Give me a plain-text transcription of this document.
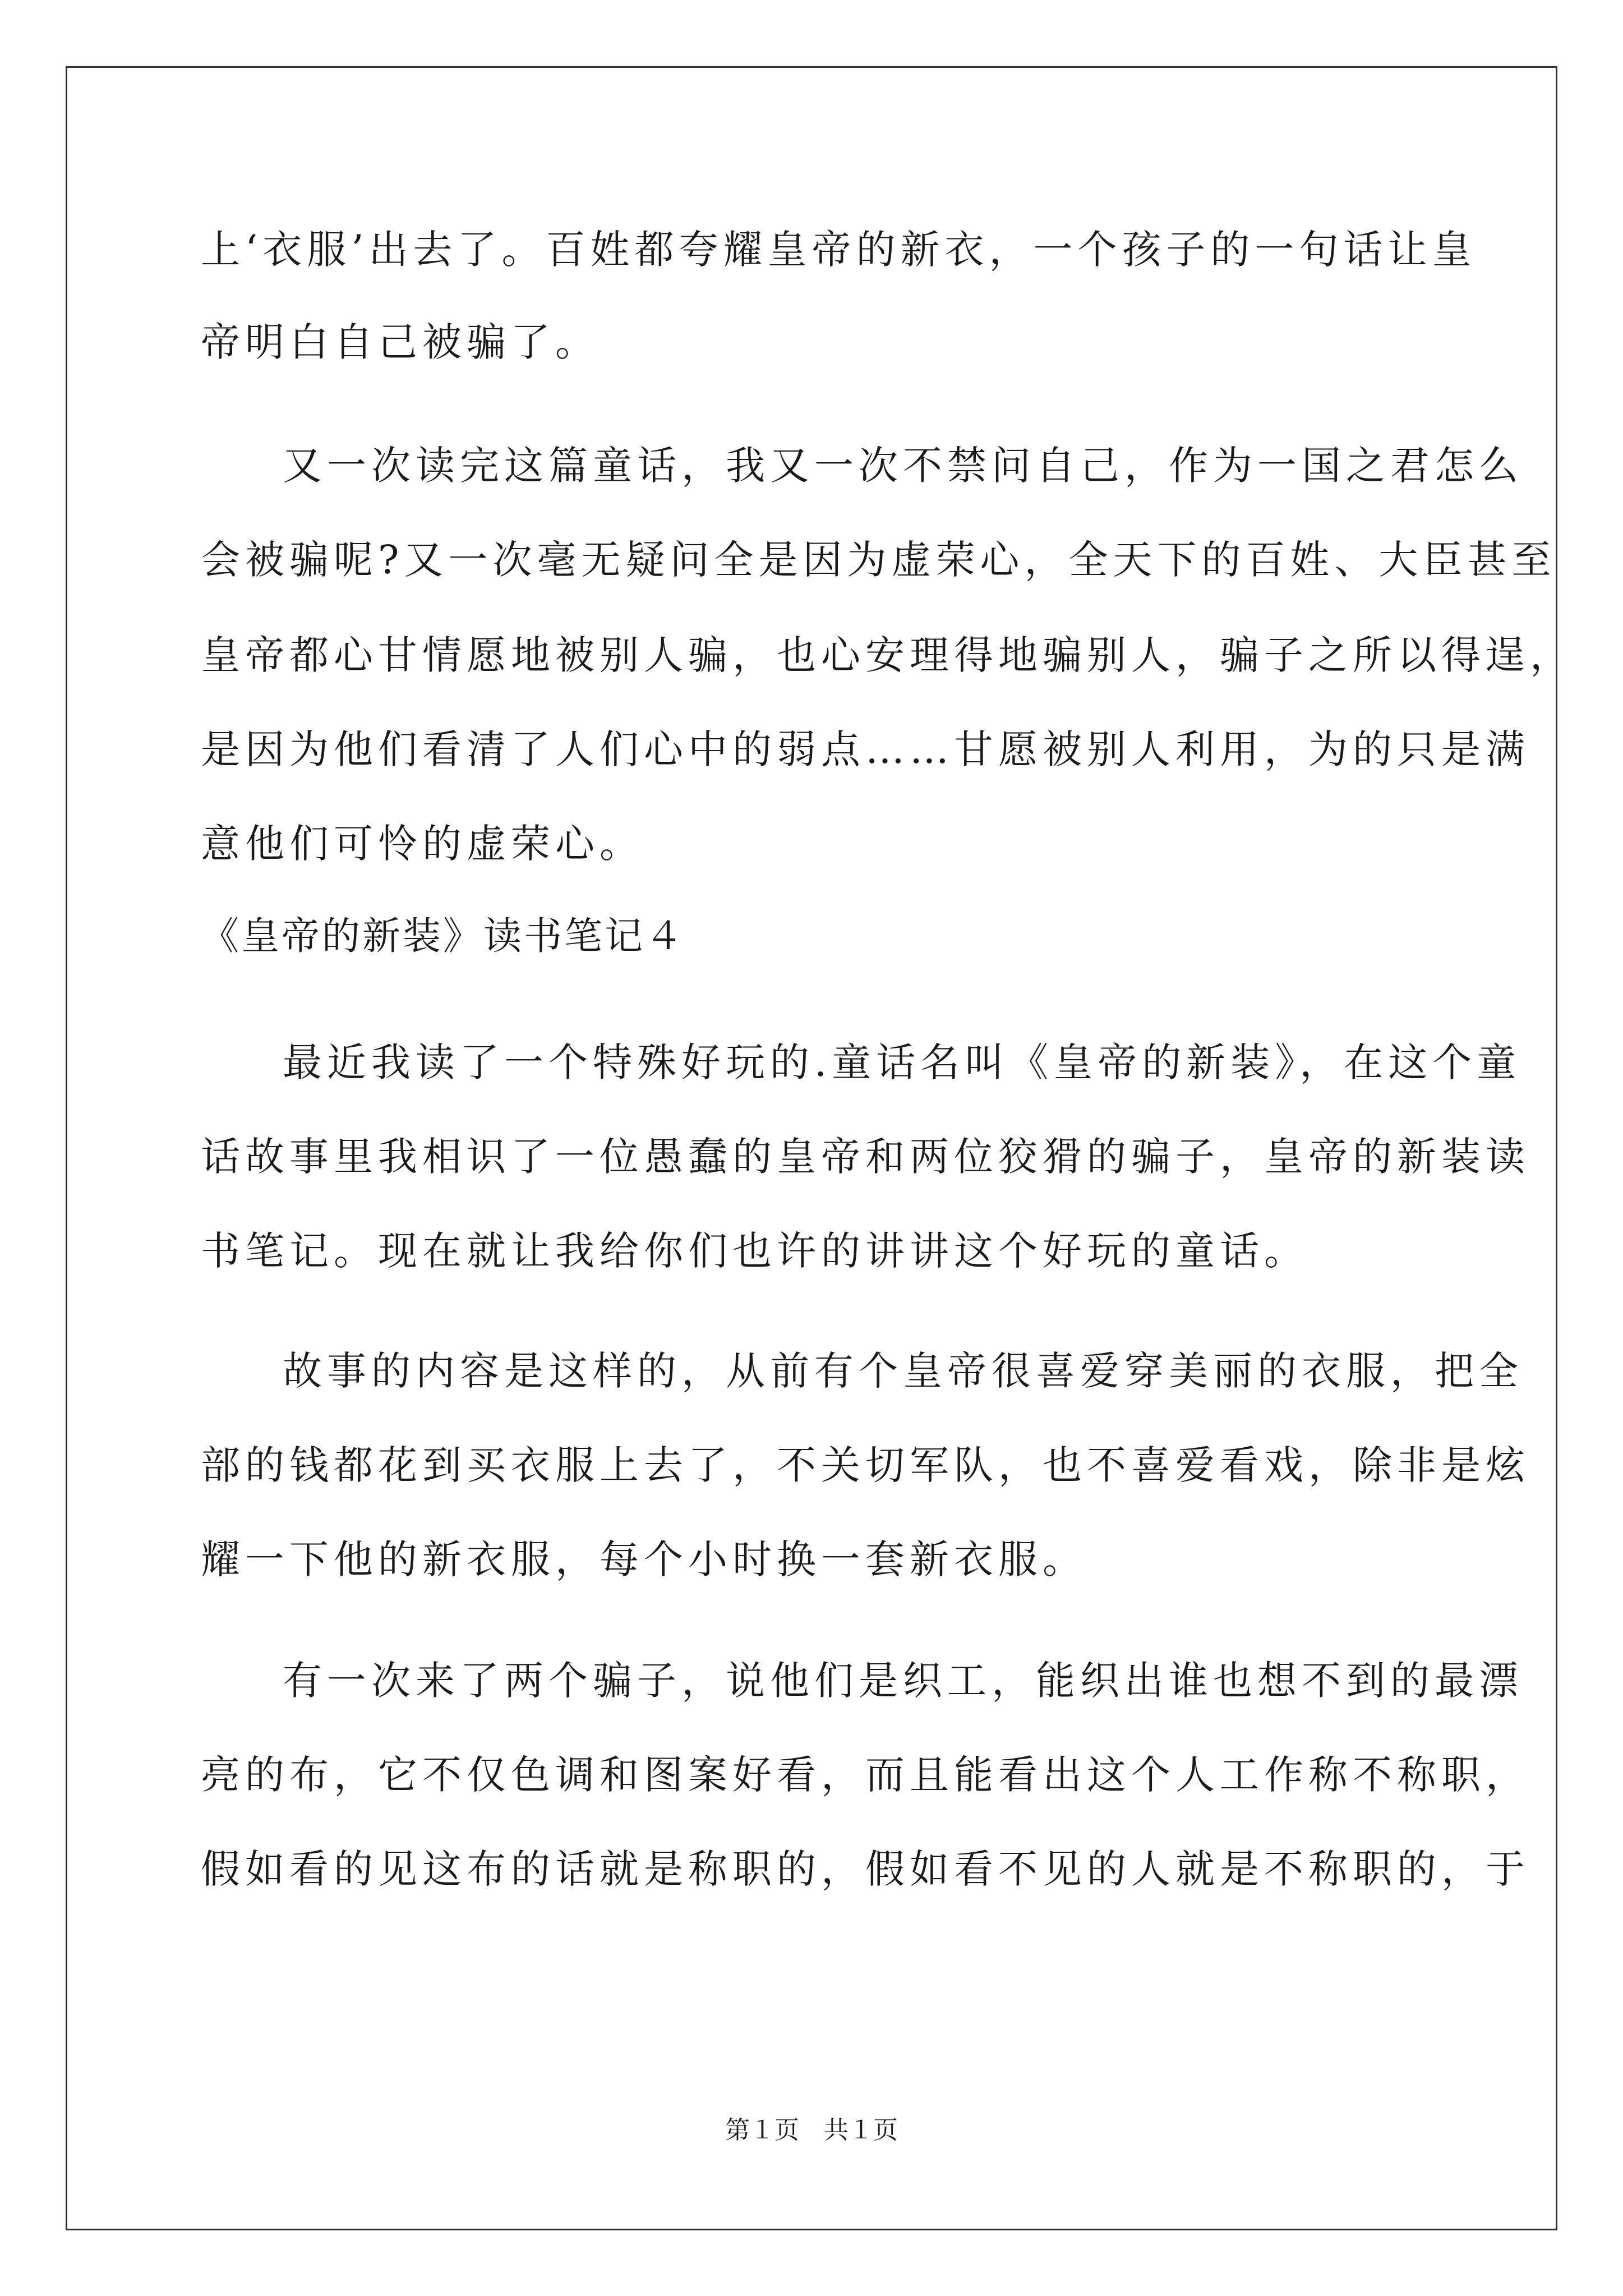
上‘衣服’出去了。百姓都夸耀皇帝的新衣，一个孩子的一句话让皇
帝明白自己被骗了。
又一次读完这篇童话，我又一次不禁问自己，作为一国之君怎么
会被骗呢?又一次毫无疑问全是因为虚荣心，全天下的百姓、大臣甚至
皇帝都心甘情愿地被别人骗，也心安理得地骗别人，骗子之所以得逞，
是因为他们看清了人们心中的弱点……甘愿被别人利用，为的只是满
意他们可怜的虚荣心。
《皇帝的新装》读书笔记４
最近我读了一个特殊好玩的.童话名叫《皇帝的新装》，在这个童
话故事里我相识了一位愚蠢的皇帝和两位狡猾的骗子，皇帝的新装读
书笔记。现在就让我给你们也许的讲讲这个好玩的童话。
故事的内容是这样的，从前有个皇帝很喜爱穿美丽的衣服，把全
部的钱都花到买衣服上去了，不关切军队，也不喜爱看戏，除非是炫
耀一下他的新衣服，每个小时换一套新衣服。
有一次来了两个骗子，说他们是织工，能织出谁也想不到的最漂
亮的布，它不仅色调和图案好看，而且能看出这个人工作称不称职，
假如看的见这布的话就是称职的，假如看不见的人就是不称职的，于
第１页 共１页
